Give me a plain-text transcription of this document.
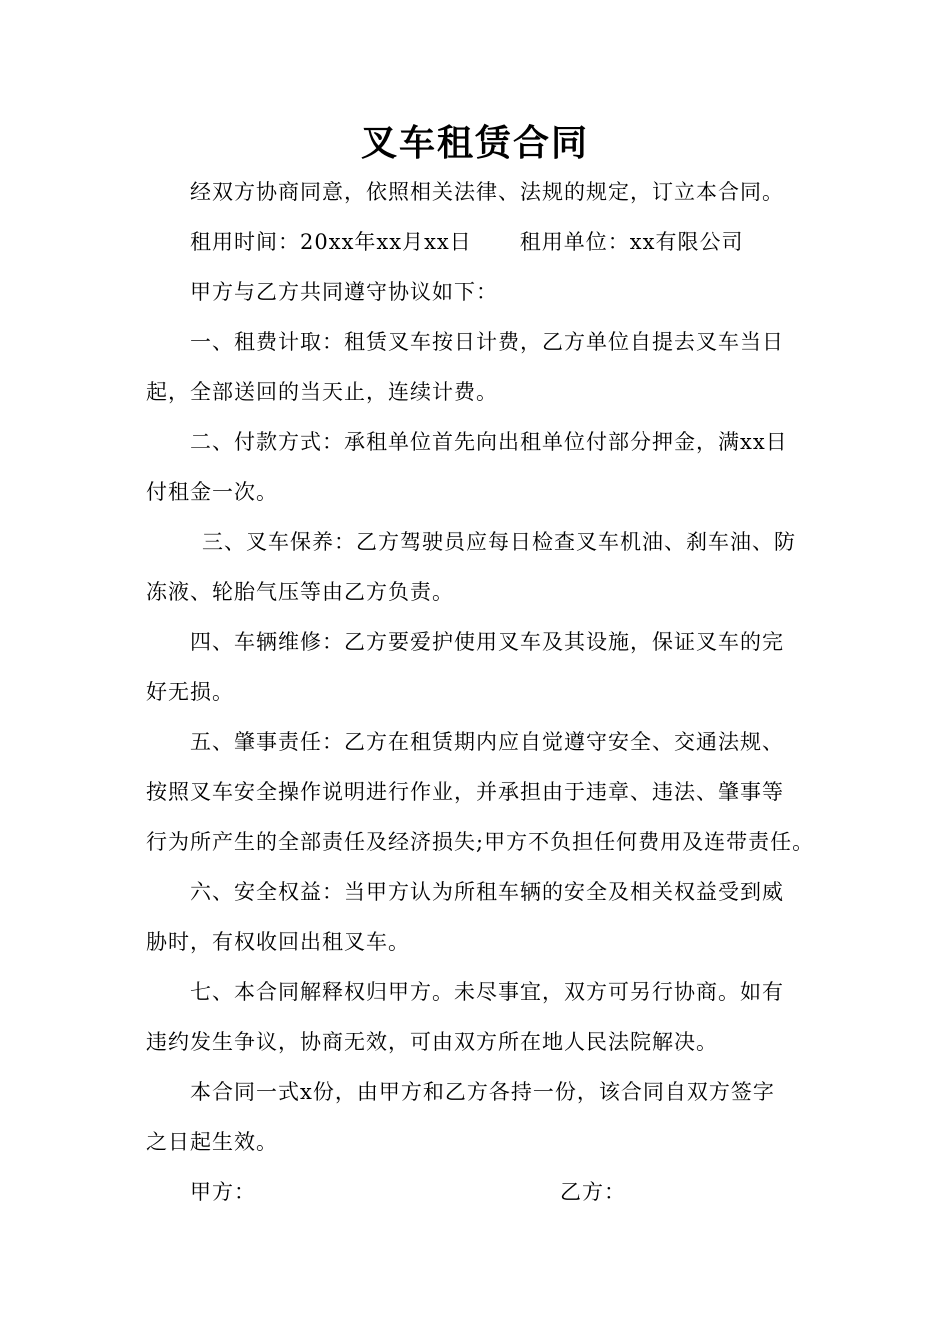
叉车租赁合同

经双方协商同意，依照相关法律、法规的规定，订立本合同。

租用时间：20xx年xx月xx日 租用单位：xx有限公司

甲方与乙方共同遵守协议如下：

一、租费计取：租赁叉车按日计费，乙方单位自提去叉车当日

起，全部送回的当天止，连续计费。

二、付款方式：承租单位首先向出租单位付部分押金，满xx日

付租金一次。

三、叉车保养：乙方驾驶员应每日检查叉车机油、刹车油、防

冻液、轮胎气压等由乙方负责。

四、车辆维修：乙方要爱护使用叉车及其设施，保证叉车的完

好无损。

五、肇事责任：乙方在租赁期内应自觉遵守安全、交通法规、

按照叉车安全操作说明进行作业，并承担由于违章、违法、肇事等

行为所产生的全部责任及经济损失;甲方不负担任何费用及连带责任。

六、安全权益：当甲方认为所租车辆的安全及相关权益受到威

胁时，有权收回出租叉车。

七、本合同解释权归甲方。未尽事宜，双方可另行协商。如有

违约发生争议，协商无效，可由双方所在地人民法院解决。

本合同一式x份，由甲方和乙方各持一份，该合同自双方签字

之日起生效。

甲方：	乙方：
